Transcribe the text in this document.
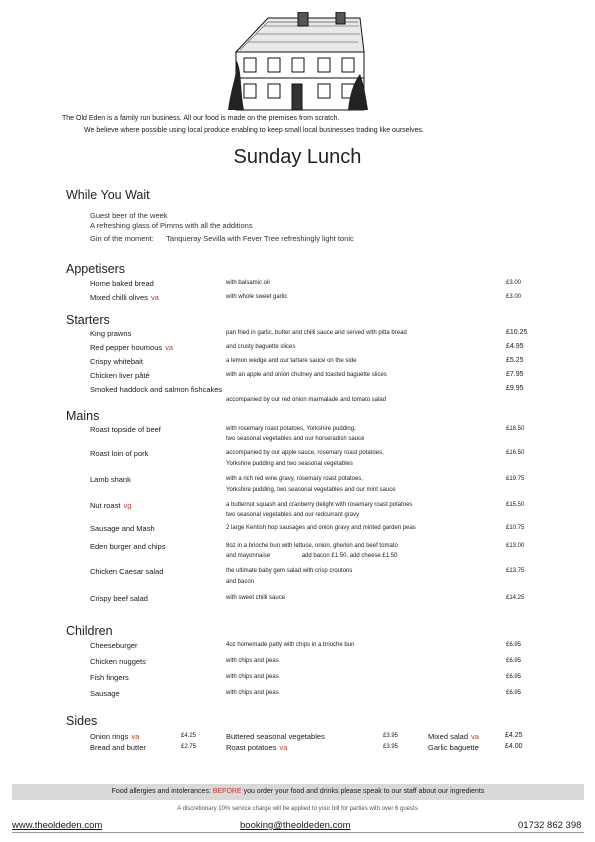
The Old Eden is a family run business. All our food is made on the premises from scratch.
We believe where possible using local produce enabling to keep small local businesses trading like ourselves.
Sunday Lunch
While You Wait
Guest beer of the week
A refreshing glass of Pimms with all the additions
Gin of the moment:      Tanqueray Sevilla with Fever Tree refreshingly light tonic
Appetisers
Home baked bread	with balsamic oil	£3.00
Mixed chilli olives va	with whole sweet garlic	£3.00
Starters
King prawns	pan fried in garlic, butter and chilli sauce and served with pitta bread	£10.25
Red pepper houmous va	and crusty baguette slices	£4.95
Crispy whitebait	a lemon wedge and our tartare sauce on the side	£5.25
Chicken liver pâté	with an apple and onion chutney and toasted baguette slices	£7.95
Smoked haddock and salmon fishcakes	£9.95
accompanied by our red onion marmalade and tomato salad
Mains
Roast topside of beef	with rosemary roast potatoes, Yorkshire pudding,	£18.50
two seasonal vegetables and our horseradish sauce
Roast loin of pork	accompanied by our apple sauce, rosemary roast potatoes,	£16.50
Yorkshire pudding and two seasonal vegetables
Lamb shank	with a rich red wine gravy, rosemary roast potatoes,	£19.75
Yorkshire pudding, two seasonal vegetables and our mint sauce
Nut roast vg	a butternut squash and cranberry delight with rosemary roast potatoes	£15.50
two seasonal vegetables and our redcurrant gravy
Sausage and Mash	2 large Kentish hop sausages and onion gravy and minted garden peas	£10.75
Eden burger and chips	8oz in a brioche bun with lettuce, onion, gherkin and beef tomato	£13.00
and mayonnaise                   add bacon £1.50, add cheese £1.50
Chicken Caesar salad	the ultimate baby gem salad with crisp croutons	£13.75
and bacon
Crispy beef salad	with sweet chilli sauce	£14.25
Children
Cheeseburger	4oz homemade patty with chips in a brioche bun	£6.95
Chicken nuggets	with chips and peas	£6.95
Fish fingers	with chips and peas	£6.95
Sausage	with chips and peas	£6.95
Sides
Onion rings va	£4.25
Bread and butter	£2.75
Buttered seasonal vegetables	£3.95
Roast potatoes va	£3.95
Mixed salad va	£4.25
Garlic baguette	£4.00
Food allergies and intolerances: BEFORE you order your food and drinks please speak to our staff about our ingredients
A discretionary 10% service charge will be applied to your bill for parties with over 6 guests
www.theoldeden.com	booking@theoldeden.com	01732 862 398
